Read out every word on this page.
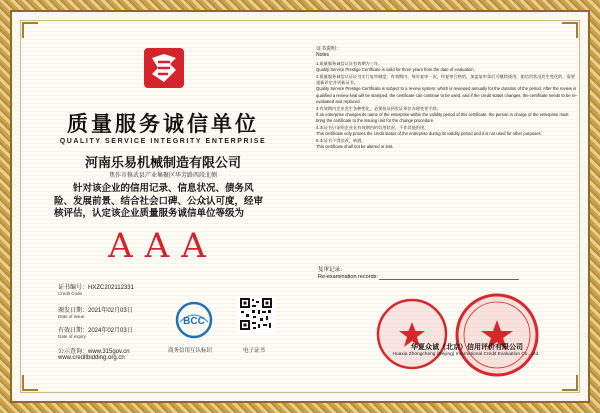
质量服务诚信单位
QUALITY SERVICE INTEGRITY ENTERPRISE
河南乐易机械制造有限公司
焦作市修武县产业集聚区华芳路西段北侧
针对该企业的信用记录、信息状况、债务风险、发展前景、结合社会口碑、公众认可度，经审核评估，认定该企业质量服务诚信单位等级为
AAA
证书编号：HXZC202112331
Credit Code
颁发日期：2021年02月03日
Date of issue
有效日期：2024年02月03日
Date of expiry
公示查询：www.315gov.cn
www.creditbidding.org.cn
BCC
商务信用互认标识	电子证书

证书说明：

Notes

1.质量服务诚信认证有效期为三年。

Quality Service Prestige Certificate is valid for three years from the date of evaluation.

2.质量服务诚信认证证书实行复审制度，有效期内，每年复审一次，经复审合格的，加盖复审章后可继续使用，如信用状况发生变化的，需要重新评定并更新证书。

Quality Service Prestige Certificate is subject to a review system, which is reviewed annually for the duration of the period. After the review is qualified a review seal will be stamped, the certificate can continue to be used, and if the credit status changes, the certificate needs to be re-evaluated and replaced.

3.有效期内企业发生各种变化，必须持证到发证单位办理变更手续。

If an enterprise changes its name of the enterprise within the validity period of this certificate, the person in charge of the enterprise must bring the certificate to the issuing unit for the change procedure.

4.本证书只证明企业在有效期内的信用状况，不作其他用途。

This certificate only proves the credit status of the enterprise during its validity period and it is not used for other purposes.

5.本证书不得涂改、转借。

This certificate shall not be altered or lent.

复审记录：
Re-examination records:
华夏众诚（北京）信用评价有限公司
Huaxia Zhongcheng (Beijing) International Credit Evaluation Co., Ltd.
